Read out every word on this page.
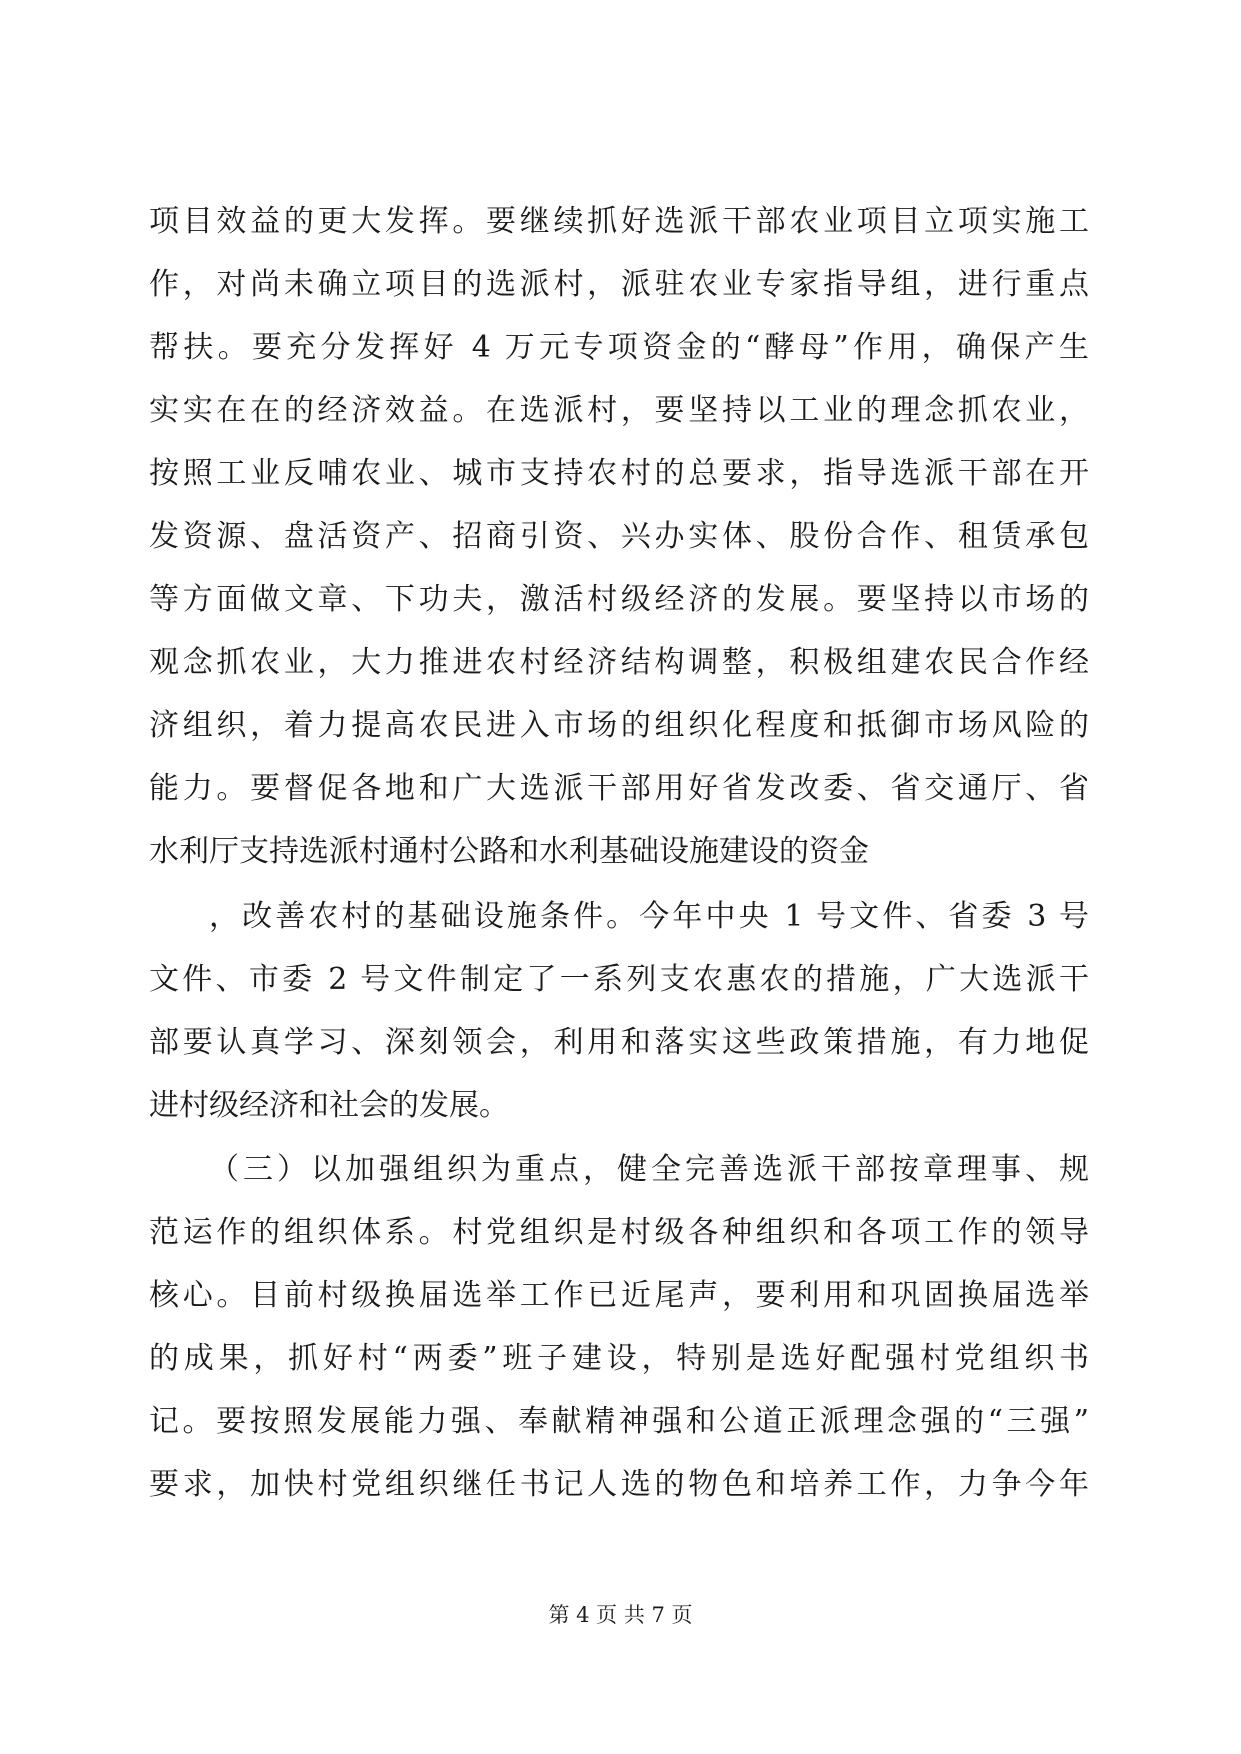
项目效益的更大发挥。要继续抓好选派干部农业项目立项实施工
作，对尚未确立项目的选派村，派驻农业专家指导组，进行重点
帮扶。要充分发挥好 4 万元专项资金的“酵母”作用，确保产生
实实在在的经济效益。在选派村，要坚持以工业的理念抓农业，
按照工业反哺农业、城市支持农村的总要求，指导选派干部在开
发资源、盘活资产、招商引资、兴办实体、股份合作、租赁承包
等方面做文章、下功夫，激活村级经济的发展。要坚持以市场的
观念抓农业，大力推进农村经济结构调整，积极组建农民合作经
济组织，着力提高农民进入市场的组织化程度和抵御市场风险的
能力。要督促各地和广大选派干部用好省发改委、省交通厅、省
水利厅支持选派村通村公路和水利基础设施建设的资金
，改善农村的基础设施条件。今年中央 1 号文件、省委 3 号
文件、市委 2 号文件制定了一系列支农惠农的措施，广大选派干
部要认真学习、深刻领会，利用和落实这些政策措施，有力地促
进村级经济和社会的发展。
（三）以加强组织为重点，健全完善选派干部按章理事、规
范运作的组织体系。村党组织是村级各种组织和各项工作的领导
核心。目前村级换届选举工作已近尾声，要利用和巩固换届选举
的成果，抓好村“两委”班子建设，特别是选好配强村党组织书
记。要按照发展能力强、奉献精神强和公道正派理念强的“三强”
要求，加快村党组织继任书记人选的物色和培养工作，力争今年
第 4 页 共 7 页
